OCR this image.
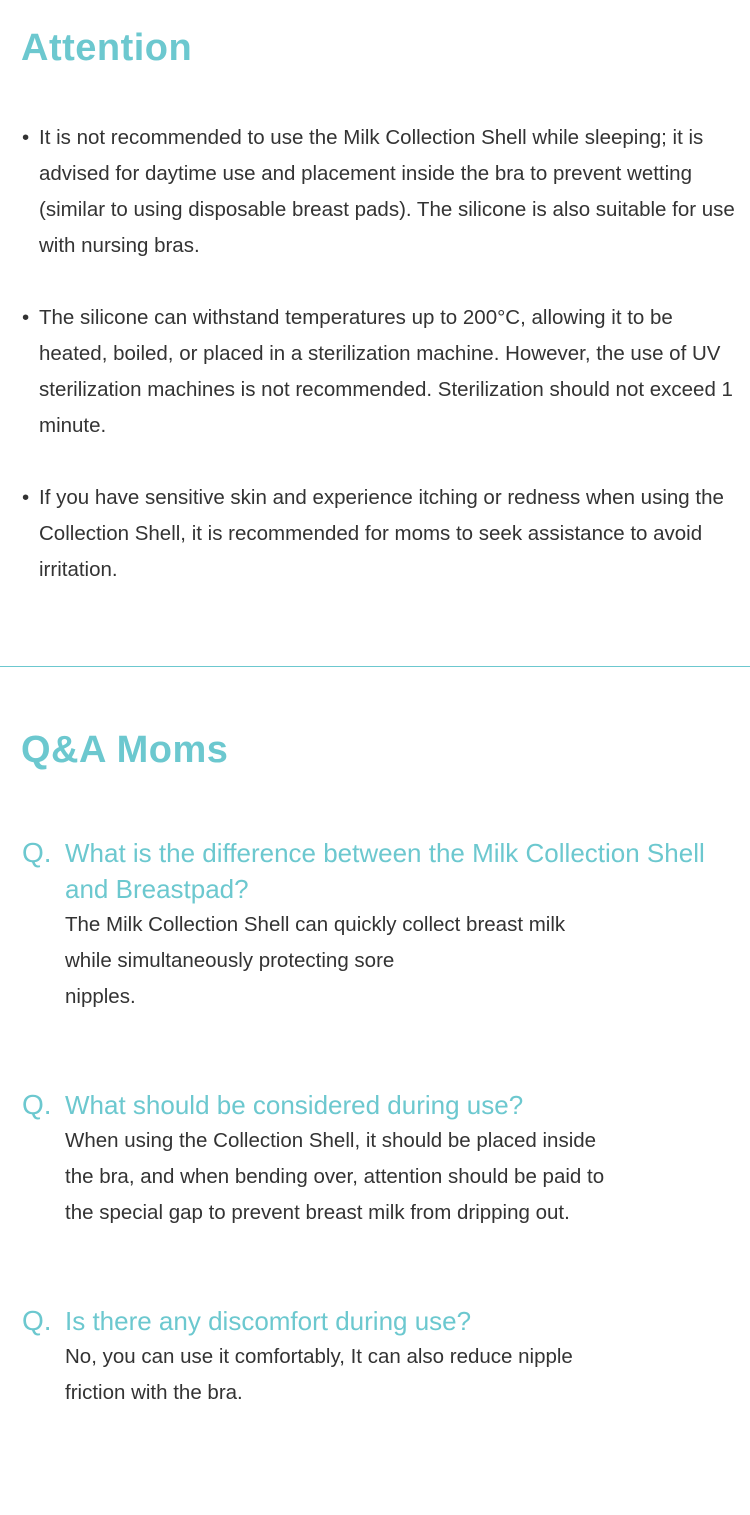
Attention
• It is not recommended to use the Milk Collection Shell while sleeping; it is advised for daytime use and placement inside the bra to prevent wetting (similar to using disposable breast pads). The silicone is also suitable for use with nursing bras.
• The silicone can withstand temperatures up to 200°C, allowing it to be heated, boiled, or placed in a sterilization machine. However, the use of UV sterilization machines is not recommended. Sterilization should not exceed 1 minute.
• If you have sensitive skin and experience itching or redness when using the Collection Shell, it is recommended for moms to seek assistance to avoid irritation.
Q&A Moms
Q. What is the difference between the Milk Collection Shell and Breastpad?
The Milk Collection Shell can quickly collect breast milk
while simultaneously protecting sore
nipples.
Q. What should be considered during use?
When using the Collection Shell, it should be placed inside
the bra, and when bending over, attention should be paid to
the special gap to prevent breast milk from dripping out.
Q. Is there any discomfort during use?
No, you can use it comfortably, It can also reduce nipple
friction with the bra.
